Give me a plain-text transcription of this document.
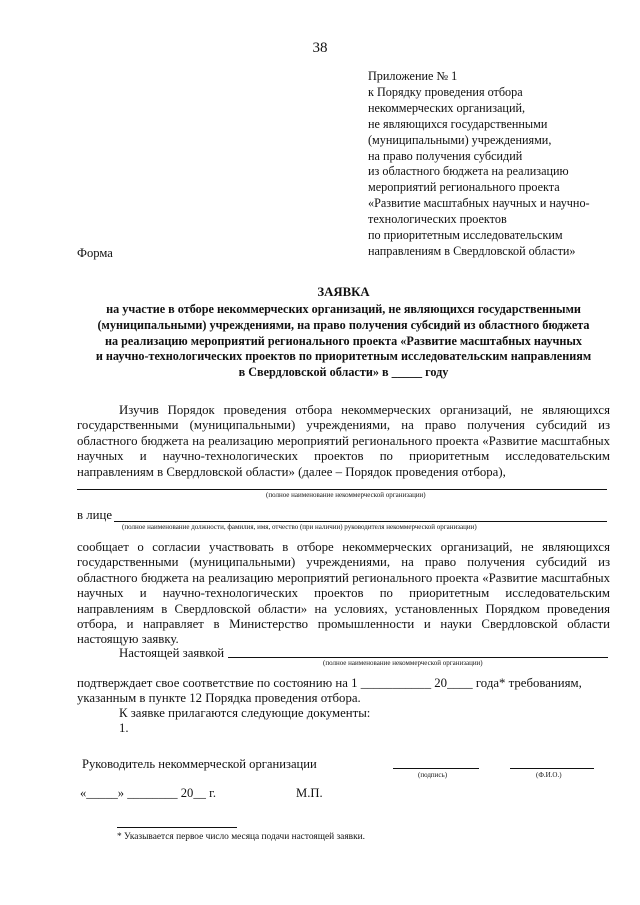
38
Приложение № 1
к Порядку проведения отбора
некоммерческих организаций,
не являющихся государственными
(муниципальными) учреждениями,
на право получения субсидий
из областного бюджета на реализацию
мероприятий регионального проекта
«Развитие масштабных научных и научно-
технологических проектов
по приоритетным исследовательским
направлениям в Свердловской области»
Форма
ЗАЯВКА
на участие в отборе некоммерческих организаций, не являющихся государственными
(муниципальными) учреждениями, на право получения субсидий из областного бюджета
на реализацию мероприятий регионального проекта «Развитие масштабных научных
и научно-технологических проектов по приоритетным исследовательским направлениям
в Свердловской области» в _____ году
Изучив Порядок проведения отбора некоммерческих организаций, не являющихся государственными (муниципальными) учреждениями, на право получения субсидий из областного бюджета на реализацию мероприятий регионального проекта «Развитие масштабных научных и научно-технологических проектов по приоритетным исследовательским направлениям в Свердловской области» (далее – Порядок проведения отбора),
(полное наименование некоммерческой организации)
в лице
(полное наименование должности, фамилия, имя, отчество (при наличии) руководителя некоммерческой организации)
сообщает о согласии участвовать в отборе некоммерческих организаций, не являющихся государственными (муниципальными) учреждениями, на право получения субсидий из областного бюджета на реализацию мероприятий регионального проекта «Развитие масштабных научных и научно-технологических проектов по приоритетным исследовательским направлениям в Свердловской области» на условиях, установленных Порядком проведения отбора, и направляет в Министерство промышленности и науки Свердловской области настоящую заявку.
Настоящей заявкой
(полное наименование некоммерческой организации)
подтверждает свое соответствие по состоянию на 1 ___________ 20____ года* требованиям,
указанным в пункте 12 Порядка проведения отбора.
К заявке прилагаются следующие документы:
1.
Руководитель некоммерческой организации
(подпись)	(Ф.И.О.)
«_____» ________ 20__ г.	М.П.
* Указывается первое число месяца подачи настоящей заявки.
